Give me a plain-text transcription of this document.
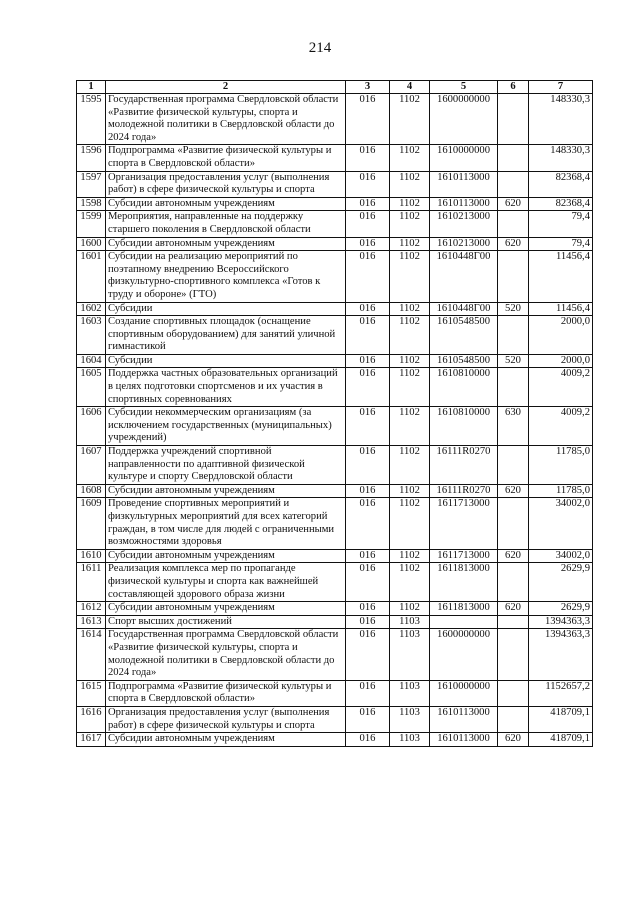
214
1	2	3	4	5	6	7
1595	Государственная программа Свердловской области «Развитие физической культуры, спорта и молодежной политики в Свердловской области до 2024 года»	016	1102	1600000000		148330,3
1596	Подпрограмма «Развитие физической культуры и спорта в Свердловской области»	016	1102	1610000000		148330,3
1597	Организация предоставления услуг (выполнения работ) в сфере физической культуры и спорта	016	1102	1610113000		82368,4
1598	Субсидии автономным учреждениям	016	1102	1610113000	620	82368,4
1599	Мероприятия, направленные на поддержку старшего поколения в Свердловской области	016	1102	1610213000		79,4
1600	Субсидии автономным учреждениям	016	1102	1610213000	620	79,4
1601	Субсидии на реализацию мероприятий по поэтапному внедрению Всероссийского физкультурно-спортивного комплекса «Готов к труду и обороне» (ГТО)	016	1102	1610448Г00		11456,4
1602	Субсидии	016	1102	1610448Г00	520	11456,4
1603	Создание спортивных площадок (оснащение спортивным оборудованием) для занятий уличной гимнастикой	016	1102	1610548500		2000,0
1604	Субсидии	016	1102	1610548500	520	2000,0
1605	Поддержка частных образовательных организаций в целях подготовки спортсменов и их участия в спортивных соревнованиях	016	1102	1610810000		4009,2
1606	Субсидии некоммерческим организациям (за исключением государственных (муниципальных) учреждений)	016	1102	1610810000	630	4009,2
1607	Поддержка учреждений спортивной направленности по адаптивной физической культуре и спорту Свердловской области	016	1102	16111R0270		11785,0
1608	Субсидии автономным учреждениям	016	1102	16111R0270	620	11785,0
1609	Проведение спортивных мероприятий и физкультурных мероприятий для всех категорий граждан, в том числе для людей с ограниченными возможностями здоровья	016	1102	1611713000		34002,0
1610	Субсидии автономным учреждениям	016	1102	1611713000	620	34002,0
1611	Реализация комплекса мер по пропаганде физической культуры и спорта как важнейшей составляющей здорового образа жизни	016	1102	1611813000		2629,9
1612	Субсидии автономным учреждениям	016	1102	1611813000	620	2629,9
1613	Спорт высших достижений	016	1103			1394363,3
1614	Государственная программа Свердловской области «Развитие физической культуры, спорта и молодежной политики в Свердловской области до 2024 года»	016	1103	1600000000		1394363,3
1615	Подпрограмма «Развитие физической культуры и спорта в Свердловской области»	016	1103	1610000000		1152657,2
1616	Организация предоставления услуг (выполнения работ) в сфере физической культуры и спорта	016	1103	1610113000		418709,1
1617	Субсидии автономным учреждениям	016	1103	1610113000	620	418709,1
